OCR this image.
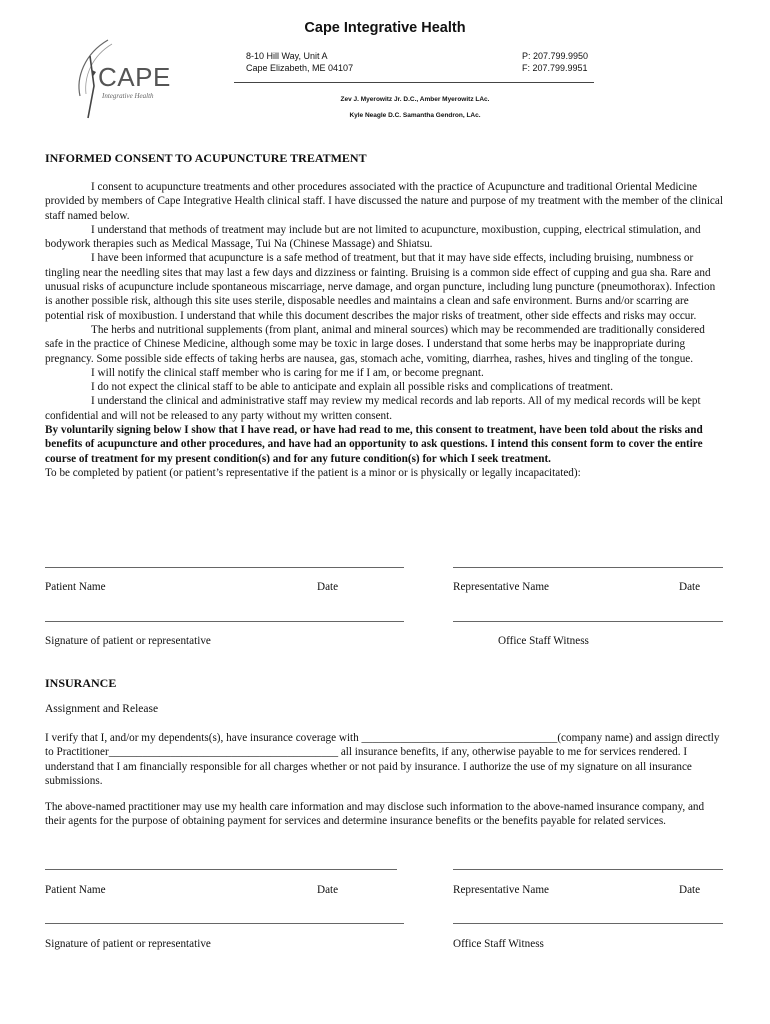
CAPE
Integrative Health
Cape Integrative Health
8-10 Hill Way, Unit A
Cape Elizabeth, ME 04107
P: 207.799.9950
F: 207.799.9951
Zev J. Myerowitz Jr. D.C., Amber Myerowitz LAc.
Kyle Neagle D.C. Samantha Gendron, LAc.
INFORMED CONSENT TO ACUPUNCTURE TREATMENT

I consent to acupuncture treatments and other procedures associated with the practice of Acupuncture and traditional Oriental Medicine provided by members of Cape Integrative Health clinical staff. I have discussed the nature and purpose of my treatment with the member of the clinical staff named below.

I understand that methods of treatment may include but are not limited to acupuncture, moxibustion, cupping, electrical stimulation, and bodywork therapies such as Medical Massage, Tui Na (Chinese Massage) and Shiatsu.

I have been informed that acupuncture is a safe method of treatment, but that it may have side effects, including bruising, numbness or tingling near the needling sites that may last a few days and dizziness or fainting. Bruising is a common side effect of cupping and gua sha. Rare and unusual risks of acupuncture include spontaneous miscarriage, nerve damage, and organ puncture, including lung puncture (pneumothorax). Infection is another possible risk, although this site uses sterile, disposable needles and maintains a clean and safe environment. Burns and/or scarring are potential risk of moxibustion. I understand that while this document describes the major risks of treatment, other side effects and risks may occur.

The herbs and nutritional supplements (from plant, animal and mineral sources) which may be recommended are traditionally considered safe in the practice of Chinese Medicine, although some may be toxic in large doses. I understand that some herbs may be inappropriate during pregnancy. Some possible side effects of taking herbs are nausea, gas, stomach ache, vomiting, diarrhea, rashes, hives and tingling of the tongue.

I will notify the clinical staff member who is caring for me if I am, or become pregnant.

I do not expect the clinical staff to be able to anticipate and explain all possible risks and complications of treatment.

I understand the clinical and administrative staff may review my medical records and lab reports. All of my medical records will be kept confidential and will not be released to any party without my written consent.

By voluntarily signing below I show that I have read, or have had read to me, this consent to treatment, have been told about the risks and benefits of acupuncture and other procedures, and have had an opportunity to ask questions. I intend this consent form to cover the entire course of treatment for my present condition(s) and for any future condition(s) for which I seek treatment.

To be completed by patient (or patient’s representative if the patient is a minor or is physically or legally incapacitated):

Patient Name	Date	Representative Name	Date
Signature of patient or representative	Office Staff Witness
INSURANCE
Assignment and Release
I verify that I, and/or my dependents(s), have insurance coverage with ___________________________________(company name) and assign directly to Practitioner_________________________________________ all insurance benefits, if any, otherwise payable to me for services rendered. I understand that I am financially responsible for all charges whether or not paid by insurance. I authorize the use of my signature on all insurance submissions.
The above-named practitioner may use my health care information and may disclose such information to the above-named insurance company, and their agents for the purpose of obtaining payment for services and determine insurance benefits or the benefits payable for related services.
Patient Name	Date	Representative Name	Date
Signature of patient or representative	Office Staff Witness
